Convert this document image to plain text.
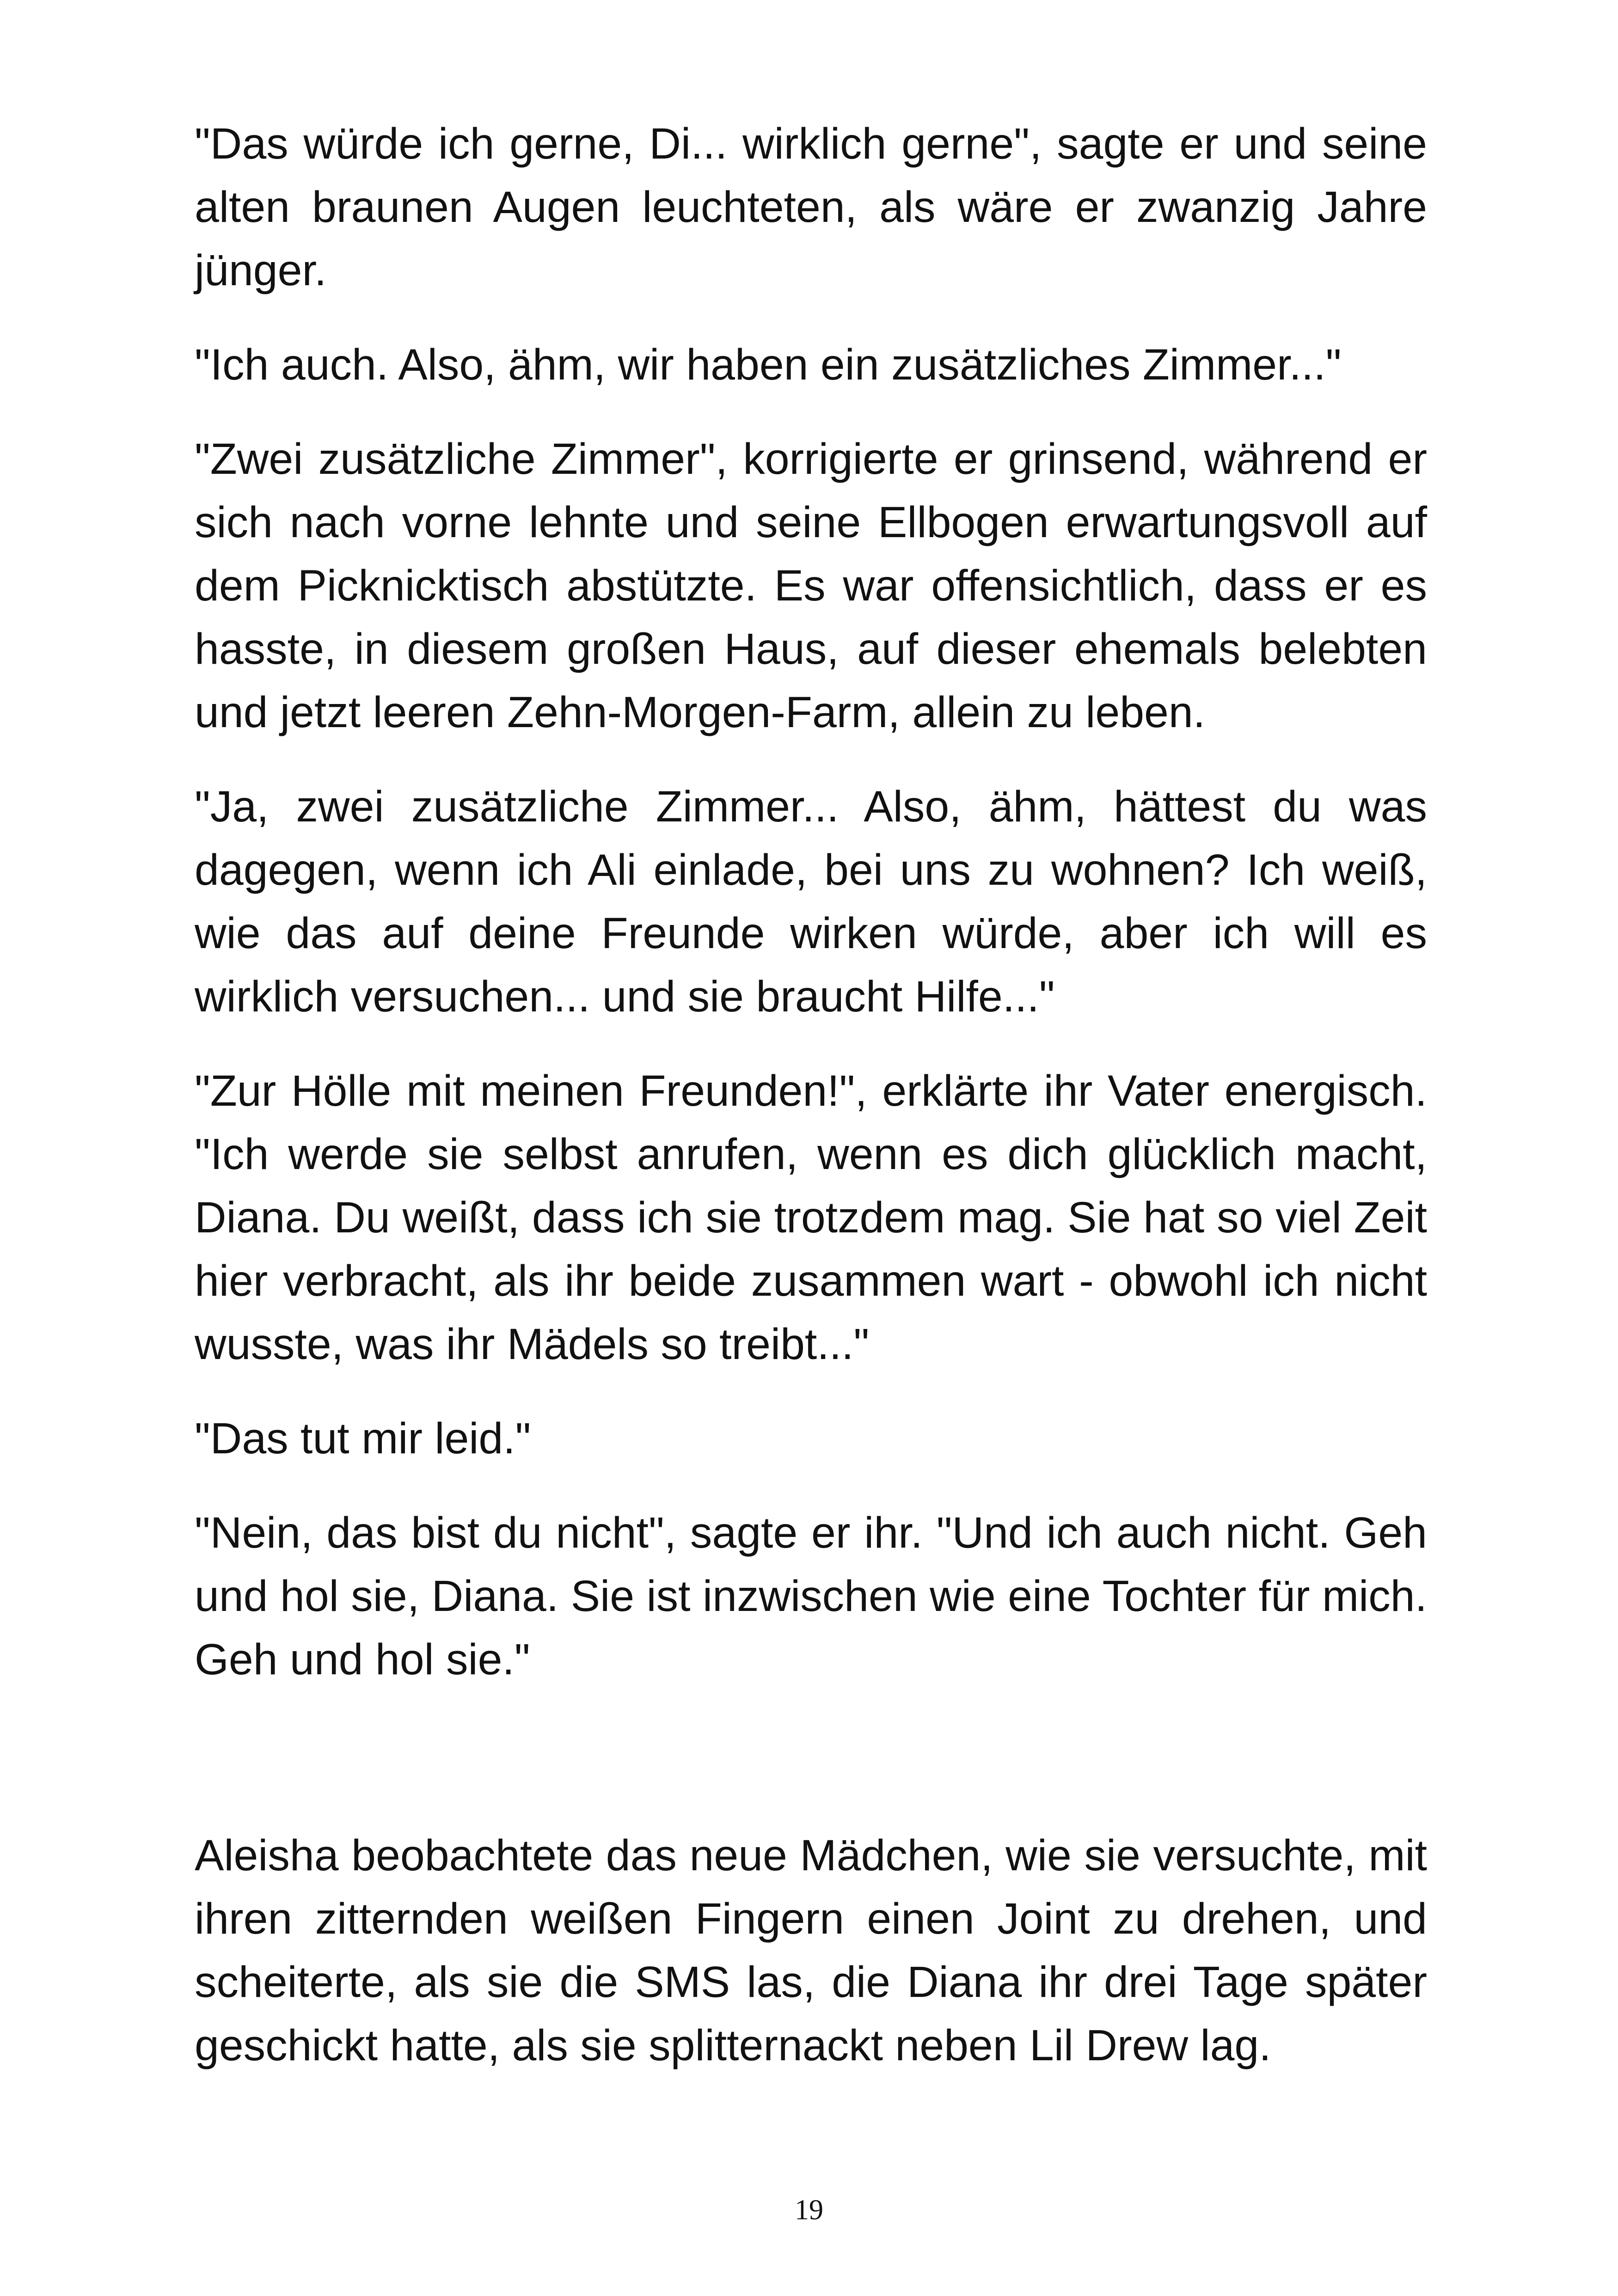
"Das würde ich gerne, Di... wirklich gerne", sagte er und seine alten braunen Augen leuchteten, als wäre er zwanzig Jahre jünger.

"Ich auch. Also, ähm, wir haben ein zusätzliches Zimmer..."

"Zwei zusätzliche Zimmer", korrigierte er grinsend, während er sich nach vorne lehnte und seine Ellbogen erwartungsvoll auf dem Picknicktisch abstützte. Es war offensichtlich, dass er es hasste, in diesem großen Haus, auf dieser ehemals belebten und jetzt leeren Zehn-Morgen-Farm, allein zu leben.

"Ja, zwei zusätzliche Zimmer... Also, ähm, hättest du was dagegen, wenn ich Ali einlade, bei uns zu wohnen? Ich weiß, wie das auf deine Freunde wirken würde, aber ich will es wirklich versuchen... und sie braucht Hilfe..."

"Zur Hölle mit meinen Freunden!", erklärte ihr Vater energisch. "Ich werde sie selbst anrufen, wenn es dich glücklich macht, Diana. Du weißt, dass ich sie trotzdem mag. Sie hat so viel Zeit hier verbracht, als ihr beide zusammen wart - obwohl ich nicht wusste, was ihr Mädels so treibt..."

"Das tut mir leid."

"Nein, das bist du nicht", sagte er ihr. "Und ich auch nicht. Geh und hol sie, Diana. Sie ist inzwischen wie eine Tochter für mich. Geh und hol sie."

Aleisha beobachtete das neue Mädchen, wie sie versuchte, mit ihren zitternden weißen Fingern einen Joint zu drehen, und scheiterte, als sie die SMS las, die Diana ihr drei Tage später geschickt hatte, als sie splitternackt neben Lil Drew lag.

19
